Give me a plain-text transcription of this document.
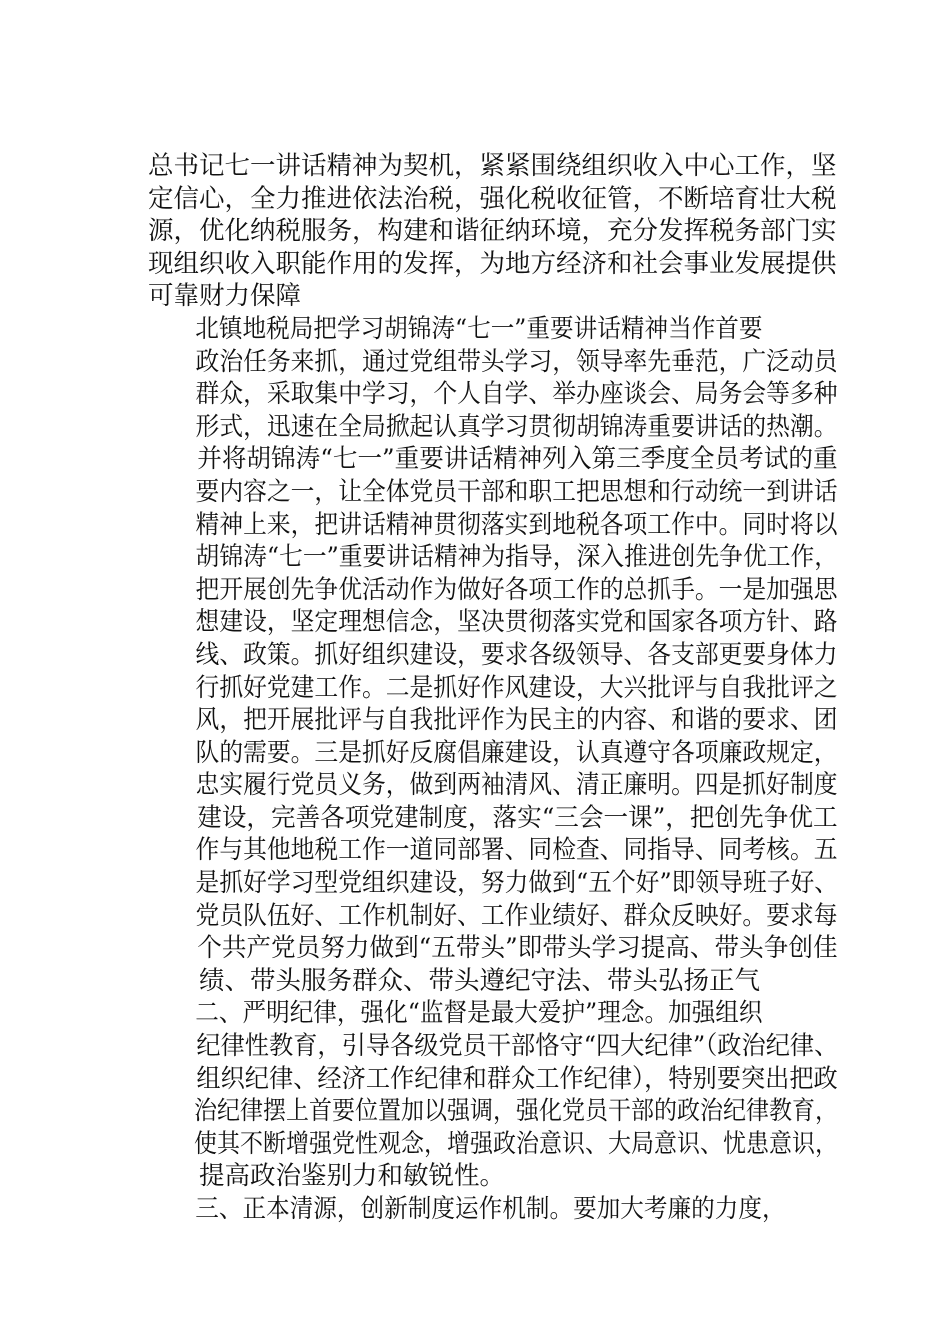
总书记七一讲话精神为契机，紧紧围绕组织收入中心工作，坚
定信心，全力推进依法治税，强化税收征管，不断培育壮大税
源，优化纳税服务，构建和谐征纳环境，充分发挥税务部门实
现组织收入职能作用的发挥，为地方经济和社会事业发展提供
可靠财力保障
北镇地税局把学习胡锦涛“七一”重要讲话精神当作首要
政治任务来抓，通过党组带头学习，领导率先垂范，广泛动员
群众，采取集中学习，个人自学、举办座谈会、局务会等多种
形式，迅速在全局掀起认真学习贯彻胡锦涛重要讲话的热潮。
并将胡锦涛“七一”重要讲话精神列入第三季度全员考试的重
要内容之一，让全体党员干部和职工把思想和行动统一到讲话
精神上来，把讲话精神贯彻落实到地税各项工作中。同时将以
胡锦涛“七一”重要讲话精神为指导，深入推进创先争优工作，
把开展创先争优活动作为做好各项工作的总抓手。一是加强思
想建设，坚定理想信念，坚决贯彻落实党和国家各项方针、路
线、政策。抓好组织建设，要求各级领导、各支部更要身体力
行抓好党建工作。二是抓好作风建设，大兴批评与自我批评之
风，把开展批评与自我批评作为民主的内容、和谐的要求、团
队的需要。三是抓好反腐倡廉建设，认真遵守各项廉政规定，
忠实履行党员义务，做到两袖清风、清正廉明。四是抓好制度
建设，完善各项党建制度，落实“三会一课”，把创先争优工
作与其他地税工作一道同部署、同检查、同指导、同考核。五
是抓好学习型党组织建设，努力做到“五个好”即领导班子好、
党员队伍好、工作机制好、工作业绩好、群众反映好。要求每
个共产党员努力做到“五带头”即带头学习提高、带头争创佳
绩、带头服务群众、带头遵纪守法、带头弘扬正气
二、严明纪律，强化“监督是最大爱护”理念。加强组织
纪律性教育，引导各级党员干部恪守“四大纪律”（政治纪律、
组织纪律、经济工作纪律和群众工作纪律），特别要突出把政
治纪律摆上首要位置加以强调，强化党员干部的政治纪律教育，
使其不断增强党性观念，增强政治意识、大局意识、忧患意识，
提高政治鉴别力和敏锐性。
三、正本清源，创新制度运作机制。要加大考廉的力度，
